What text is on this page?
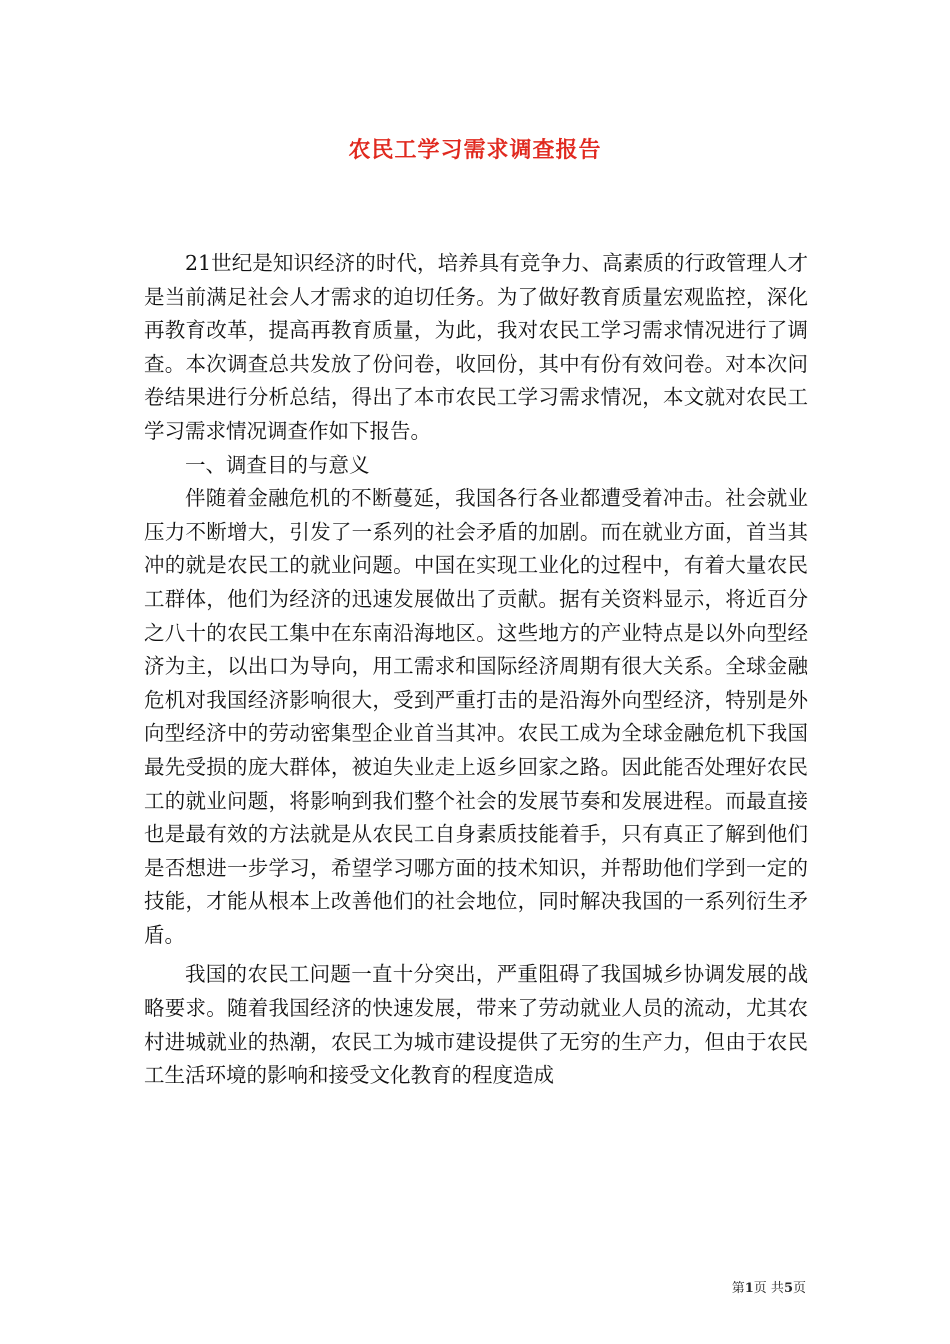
农民工学习需求调查报告

21世纪是知识经济的时代，培养具有竞争力、高素质的行政管理人才是当前满足社会人才需求的迫切任务。为了做好教育质量宏观监控，深化再教育改革，提高再教育质量，为此，我对农民工学习需求情况进行了调查。本次调查总共发放了份问卷，收回份，其中有份有效问卷。对本次问卷结果进行分析总结，得出了本市农民工学习需求情况，本文就对农民工学习需求情况调查作如下报告。

一、调查目的与意义

伴随着金融危机的不断蔓延，我国各行各业都遭受着冲击。社会就业压力不断增大，引发了一系列的社会矛盾的加剧。而在就业方面，首当其冲的就是农民工的就业问题。中国在实现工业化的过程中，有着大量农民工群体，他们为经济的迅速发展做出了贡献。据有关资料显示，将近百分之八十的农民工集中在东南沿海地区。这些地方的产业特点是以外向型经济为主，以出口为导向，用工需求和国际经济周期有很大关系。全球金融危机对我国经济影响很大，受到严重打击的是沿海外向型经济，特别是外向型经济中的劳动密集型企业首当其冲。农民工成为全球金融危机下我国最先受损的庞大群体，被迫失业走上返乡回家之路。因此能否处理好农民工的就业问题，将影响到我们整个社会的发展节奏和发展进程。而最直接也是最有效的方法就是从农民工自身素质技能着手，只有真正了解到他们是否想进一步学习，希望学习哪方面的技术知识，并帮助他们学到一定的技能，才能从根本上改善他们的社会地位，同时解决我国的一系列衍生矛盾。

我国的农民工问题一直十分突出，严重阻碍了我国城乡协调发展的战略要求。随着我国经济的快速发展，带来了劳动就业人员的流动，尤其农村进城就业的热潮，农民工为城市建设提供了无穷的生产力，但由于农民工生活环境的影响和接受文化教育的程度造成

第1页 共5页
